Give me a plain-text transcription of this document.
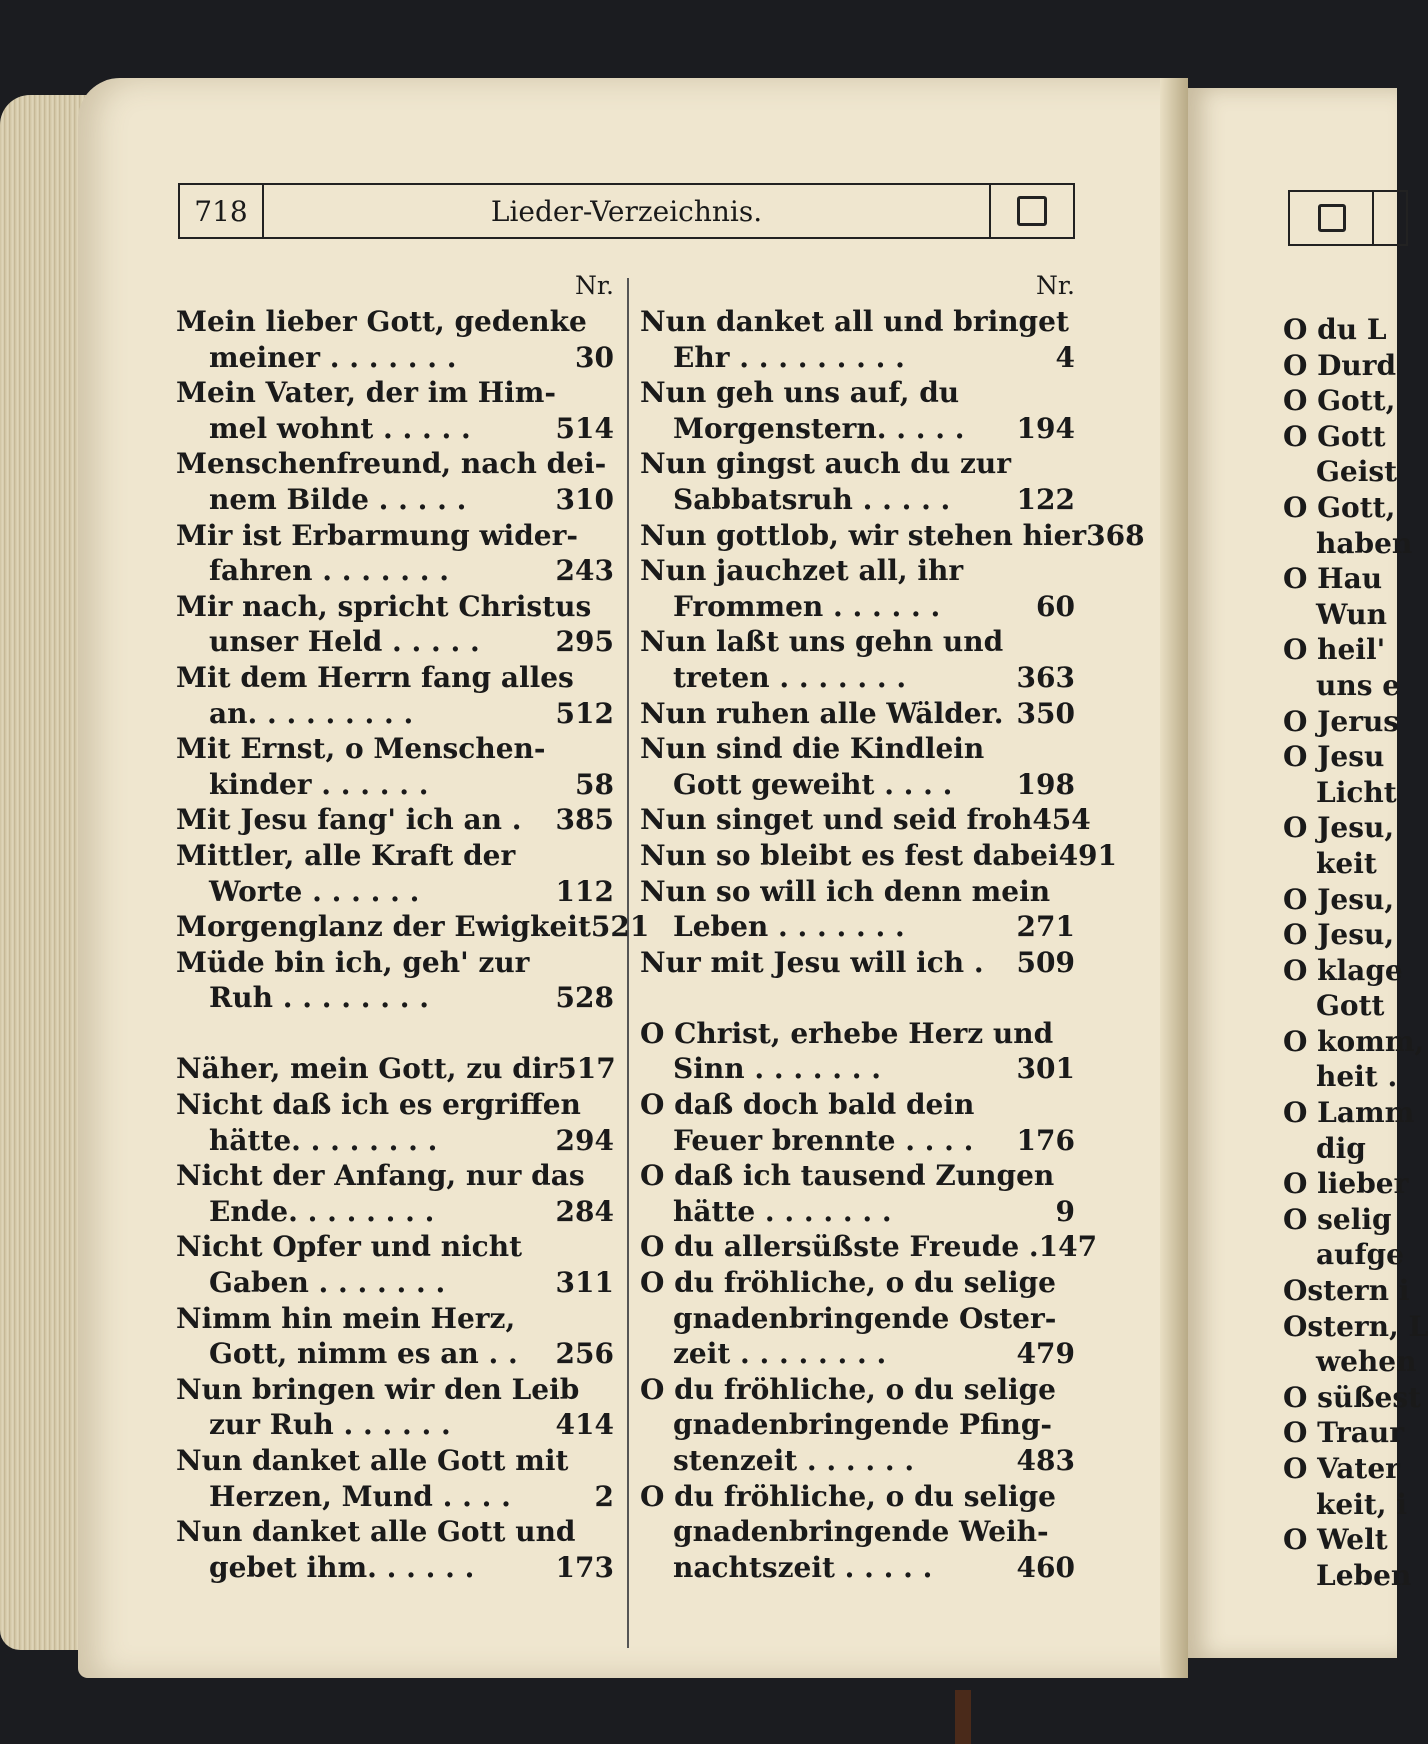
718	Lieder-Verzeichnis.
Nr.
Mein lieber Gott, gedenke
meiner . . . . . . .	30
Mein Vater, der im Him-
mel wohnt . . . . .	514
Menschenfreund, nach dei-
nem Bilde . . . . .	310
Mir ist Erbarmung wider-
fahren . . . . . . .	243
Mir nach, spricht Christus
unser Held . . . . .	295
Mit dem Herrn fang alles
an. . . . . . . . .	512
Mit Ernst, o Menschen-
kinder . . . . . .	58
Mit Jesu fang' ich an . 385
Mittler, alle Kraft der
Worte . . . . . .	112
Morgenglanz der Ewigkeit 521
Müde bin ich, geh' zur
Ruh . . . . . . . .	528
Näher, mein Gott, zu dir 517
Nicht daß ich es ergriffen
hätte. . . . . . . .	294
Nicht der Anfang, nur das
Ende. . . . . . . .	284
Nicht Opfer und nicht
Gaben . . . . . . .	311
Nimm hin mein Herz,
Gott, nimm es an . . 256
Nun bringen wir den Leib
zur Ruh . . . . . .	414
Nun danket alle Gott mit
Herzen, Mund . . . .	2
Nun danket alle Gott und
gebet ihm. . . . . .	173
Nr.
Nun danket all und bringet
Ehr . . . . . . . . .	4
Nun geh uns auf, du
Morgenstern. . . . . 194
Nun gingst auch du zur
Sabbatsruh . . . . . 122
Nun gottlob, wir stehen hier 368
Nun jauchzet all, ihr
Frommen . . . . . .	60
Nun laßt uns gehn und
treten . . . . . . .	363
Nun ruhen alle Wälder. 350
Nun sind die Kindlein
Gott geweiht . . . . 198
Nun singet und seid froh 454
Nun so bleibt es fest dabei 491
Nun so will ich denn mein
Leben . . . . . . .	271
Nur mit Jesu will ich . 509
O Christ, erhebe Herz und
Sinn . . . . . . .	301
O daß doch bald dein
Feuer brennte . . . . 176
O daß ich tausend Zungen
hätte . . . . . . .	9
O du allersüßste Freude . 147
O du fröhliche, o du selige
gnadenbringende Oster-
zeit . . . . . . . .	479
O du fröhliche, o du selige
gnadenbringende Pfing-
stenzeit . . . . . .	483
O du fröhliche, o du selige
gnadenbringende Weih-
nachtszeit . . . . .	460
O du L
O Durd
O Gott,
O Gott
Geist
O Gott,
haben
O Hau
Wun
O heil'
uns e
O Jerus
O Jesu
Licht
O Jesu,
keit
O Jesu,
O Jesu,
O klage
Gott
O komm,
heit .
O Lamm
dig
O lieber
O selig
aufge
Ostern i
Ostern, L
wehen
O süßest
O Traur
O Vater
keit, i
O Welt
Leben
